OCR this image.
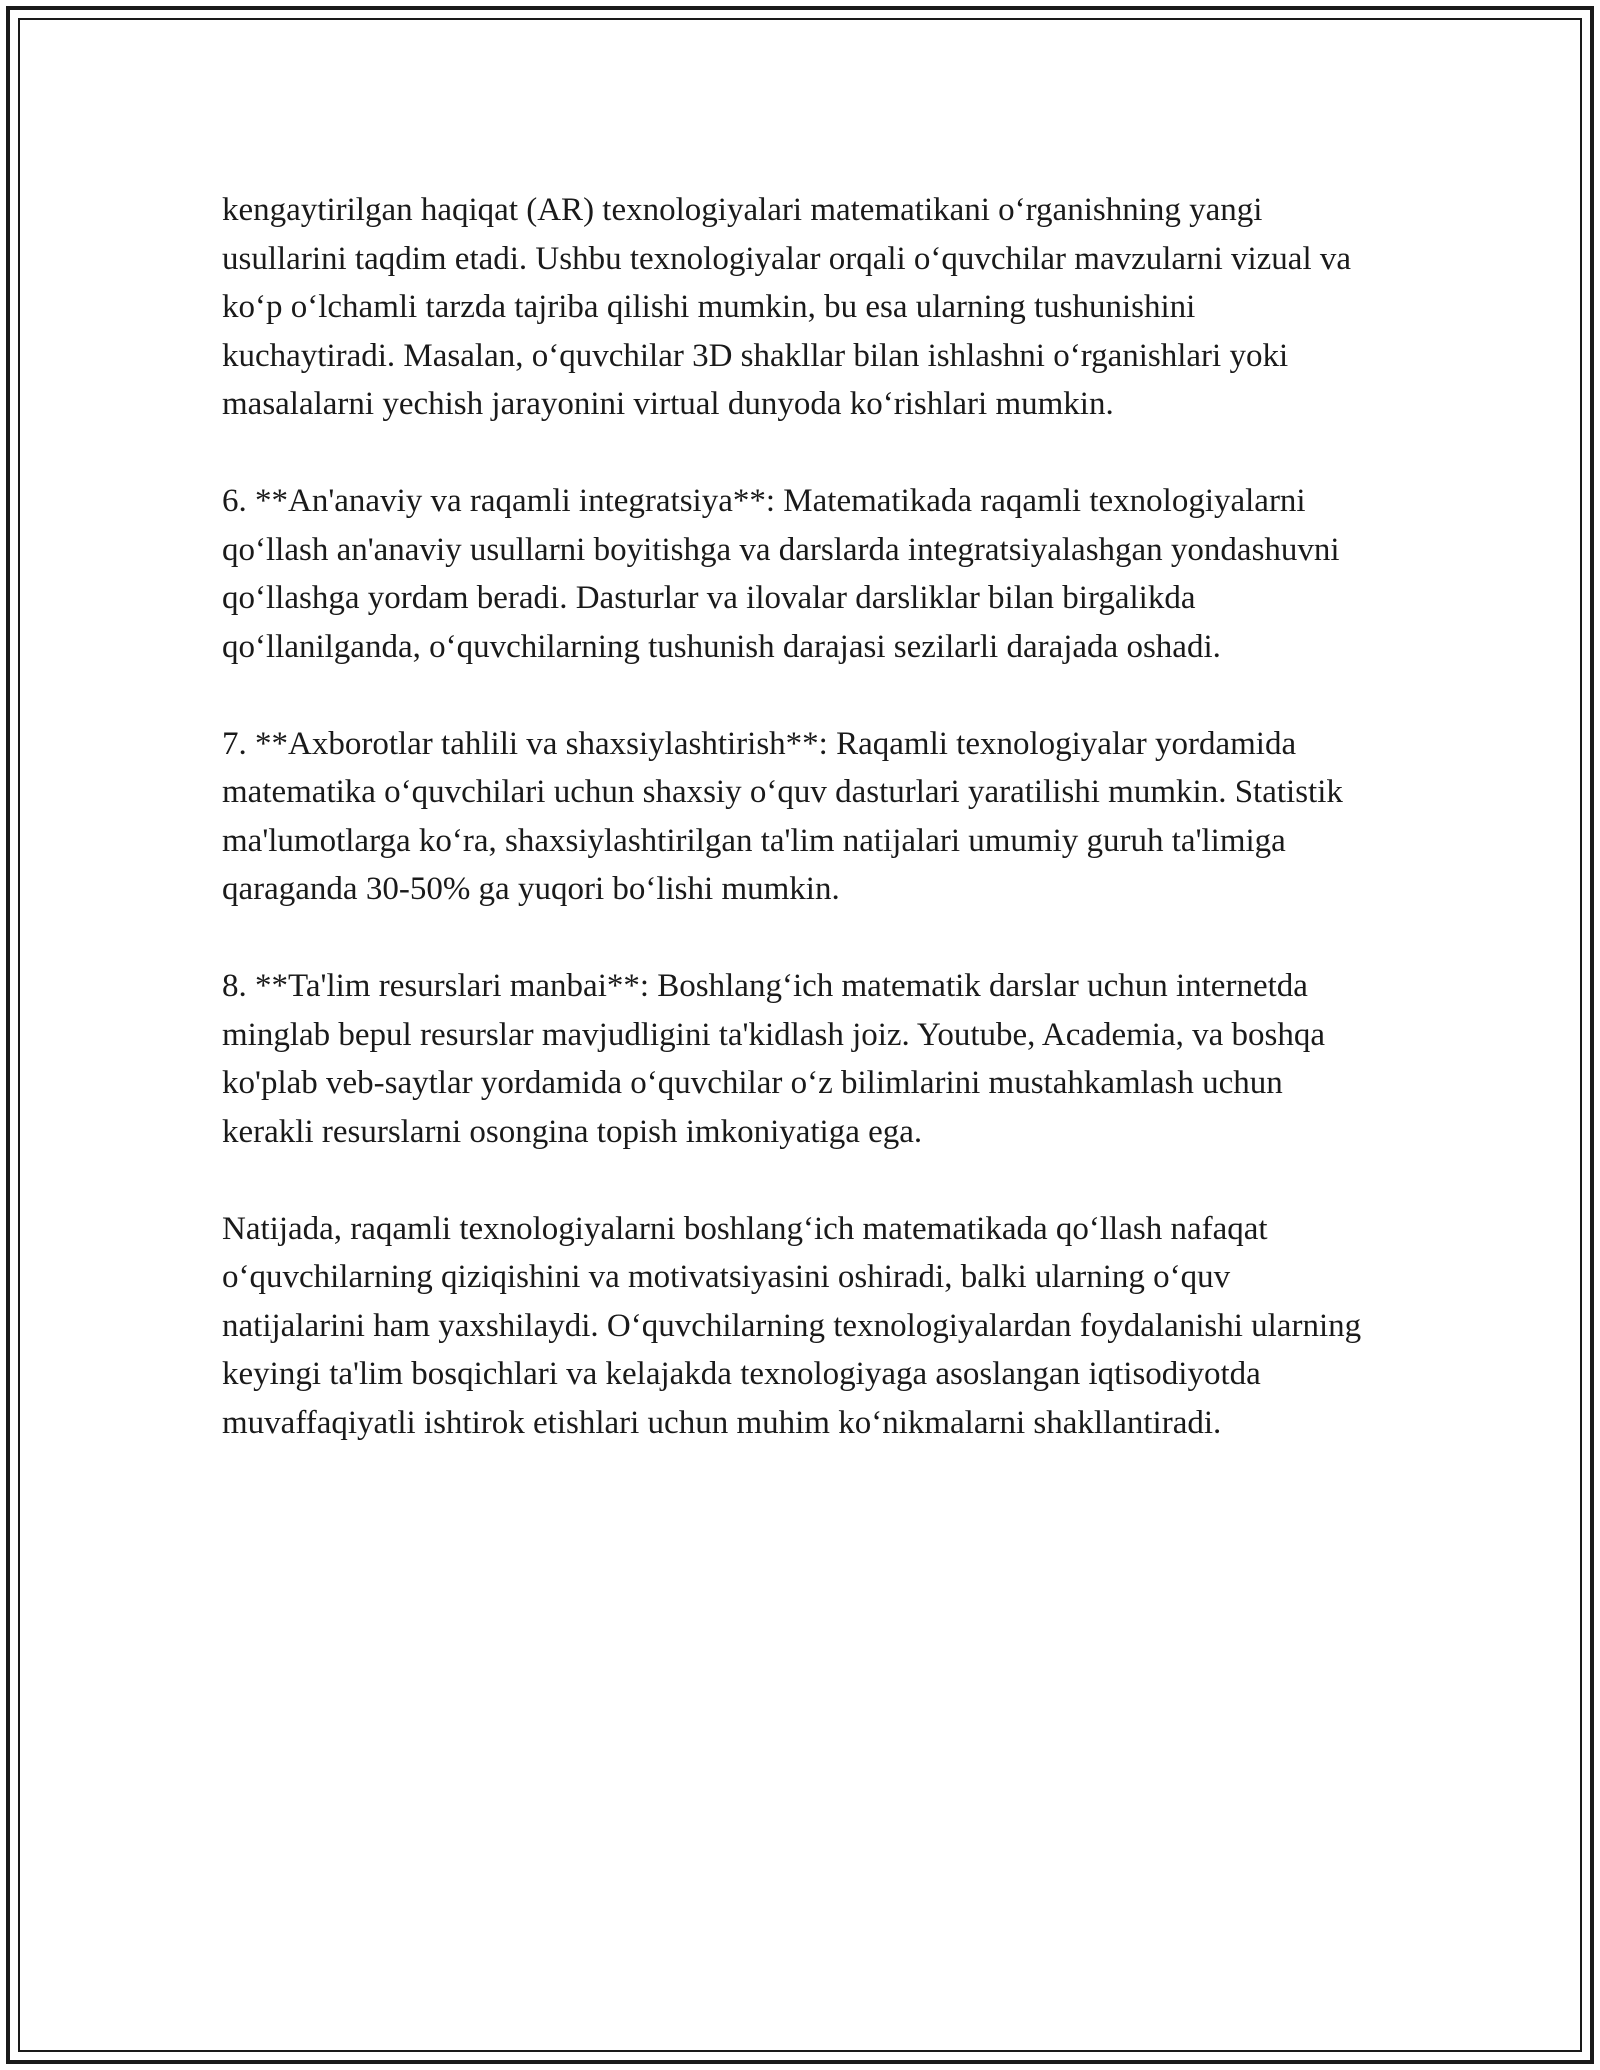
kengaytirilgan haqiqat (AR) texnologiyalari matematikani o‘rganishning yangi usullarini taqdim etadi. Ushbu texnologiyalar orqali o‘quvchilar mavzularni vizual va ko‘p o‘lchamli tarzda tajriba qilishi mumkin, bu esa ularning tushunishini kuchaytiradi. Masalan, o‘quvchilar 3D shakllar bilan ishlashni o‘rganishlari yoki masalalarni yechish jarayonini virtual dunyoda ko‘rishlari mumkin.

6. **An'anaviy va raqamli integratsiya**: Matematikada raqamli texnologiyalarni qo‘llash an'anaviy usullarni boyitishga va darslarda integratsiyalashgan yondashuvni qo‘llashga yordam beradi. Dasturlar va ilovalar darsliklar bilan birgalikda qo‘llanilganda, o‘quvchilarning tushunish darajasi sezilarli darajada oshadi.

7. **Axborotlar tahlili va shaxsiylashtirish**: Raqamli texnologiyalar yordamida matematika o‘quvchilari uchun shaxsiy o‘quv dasturlari yaratilishi mumkin. Statistik ma'lumotlarga ko‘ra, shaxsiylashtirilgan ta'lim natijalari umumiy guruh ta'limiga qaraganda 30-50% ga yuqori bo‘lishi mumkin.

8. **Ta'lim resurslari manbai**: Boshlang‘ich matematik darslar uchun internetda minglab bepul resurslar mavjudligini ta'kidlash joiz. Youtube, Academia, va boshqa ko'plab veb-saytlar yordamida o‘quvchilar o‘z bilimlarini mustahkamlash uchun kerakli resurslarni osongina topish imkoniyatiga ega.

Natijada, raqamli texnologiyalarni boshlang‘ich matematikada qo‘llash nafaqat o‘quvchilarning qiziqishini va motivatsiyasini oshiradi, balki ularning o‘quv natijalarini ham yaxshilaydi. O‘quvchilarning texnologiyalardan foydalanishi ularning keyingi ta'lim bosqichlari va kelajakda texnologiyaga asoslangan iqtisodiyotda muvaffaqiyatli ishtirok etishlari uchun muhim ko‘nikmalarni shakllantiradi.
